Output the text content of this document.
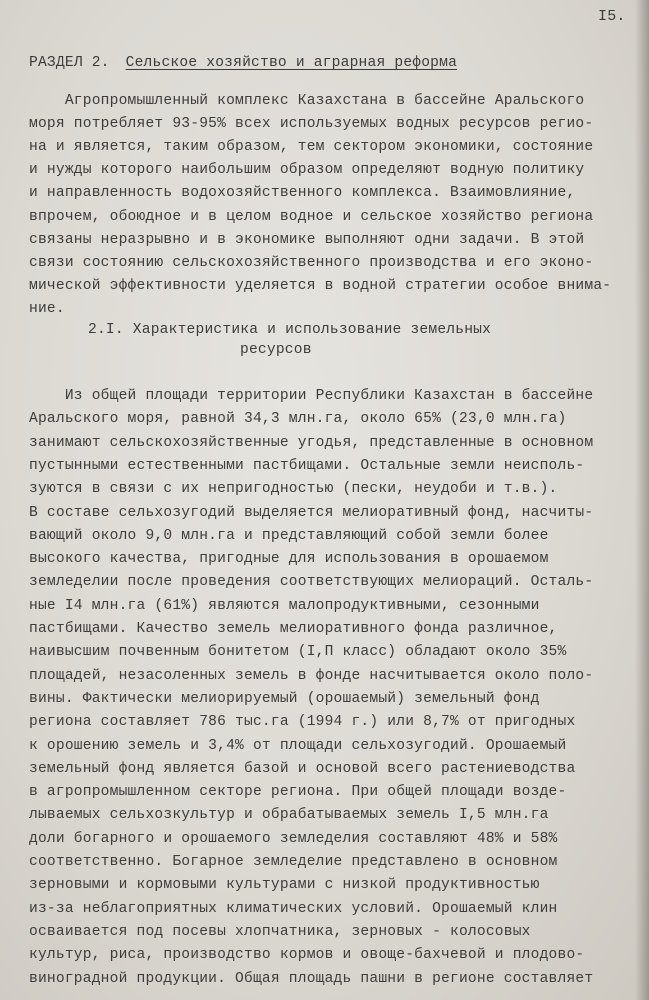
I5.
РАЗДЕЛ 2. Сельское хозяйство и аграрная реформа
Агропромышленный комплекс Казахстана в бассейне Аральского
моря потребляет 93-95% всех используемых водных ресурсов регио-
на и является, таким образом, тем сектором экономики, состояние
и нужды которого наибольшим образом определяют водную политику
и направленность водохозяйственного комплекса. Взаимовлияние,
впрочем, обоюдное и в целом водное и сельское хозяйство региона
связаны неразрывно и в экономике выполняют одни задачи. В этой
связи состоянию сельскохозяйственного производства и его эконо-
мической эффективности уделяется в водной стратегии особое внима-
ние.
2.I. Характеристика и использование земельных
ресурсов
Из общей площади территории Республики Казахстан в бассейне
Аральского моря, равной 34,3 млн.га, около 65% (23,0 млн.га)
занимают сельскохозяйственные угодья, представленные в основном
пустынными естественными пастбищами. Остальные земли неисполь-
зуются в связи с их непригодностью (пески, неудоби и т.в.).
В составе сельхозугодий выделяется мелиоративный фонд, насчиты-
вающий около 9,0 млн.га и представляющий собой земли более
высокого качества, пригодные для использования в орошаемом
земледелии после проведения соответствующих мелиораций. Осталь-
ные I4 млн.га (61%) являются малопродуктивными, сезонными
пастбищами. Качество земель мелиоративного фонда различное,
наивысшим почвенным бонитетом (I,П класс) обладают около 35%
площадей, незасоленных земель в фонде насчитывается около поло-
вины. Фактически мелиорируемый (орошаемый) земельный фонд
региона составляет 786 тыс.га (1994 г.) или 8,7% от пригодных
к орошению земель и 3,4% от площади сельхозугодий. Орошаемый
земельный фонд является базой и основой всего растениеводства
в агропромышленном секторе региона. При общей площади возде-
лываемых сельхозкультур и обрабатываемых земель I,5 млн.га
доли богарного и орошаемого земледелия составляют 48% и 58%
соответственно. Богарное земледелие представлено в основном
зерновыми и кормовыми культурами с низкой продуктивностью
из-за неблагоприятных климатических условий. Орошаемый клин
осваивается под посевы хлопчатника, зерновых - колосовых
культур, риса, производство кормов и овоще-бахчевой и плодово-
виноградной продукции. Общая площадь пашни в регионе составляет
